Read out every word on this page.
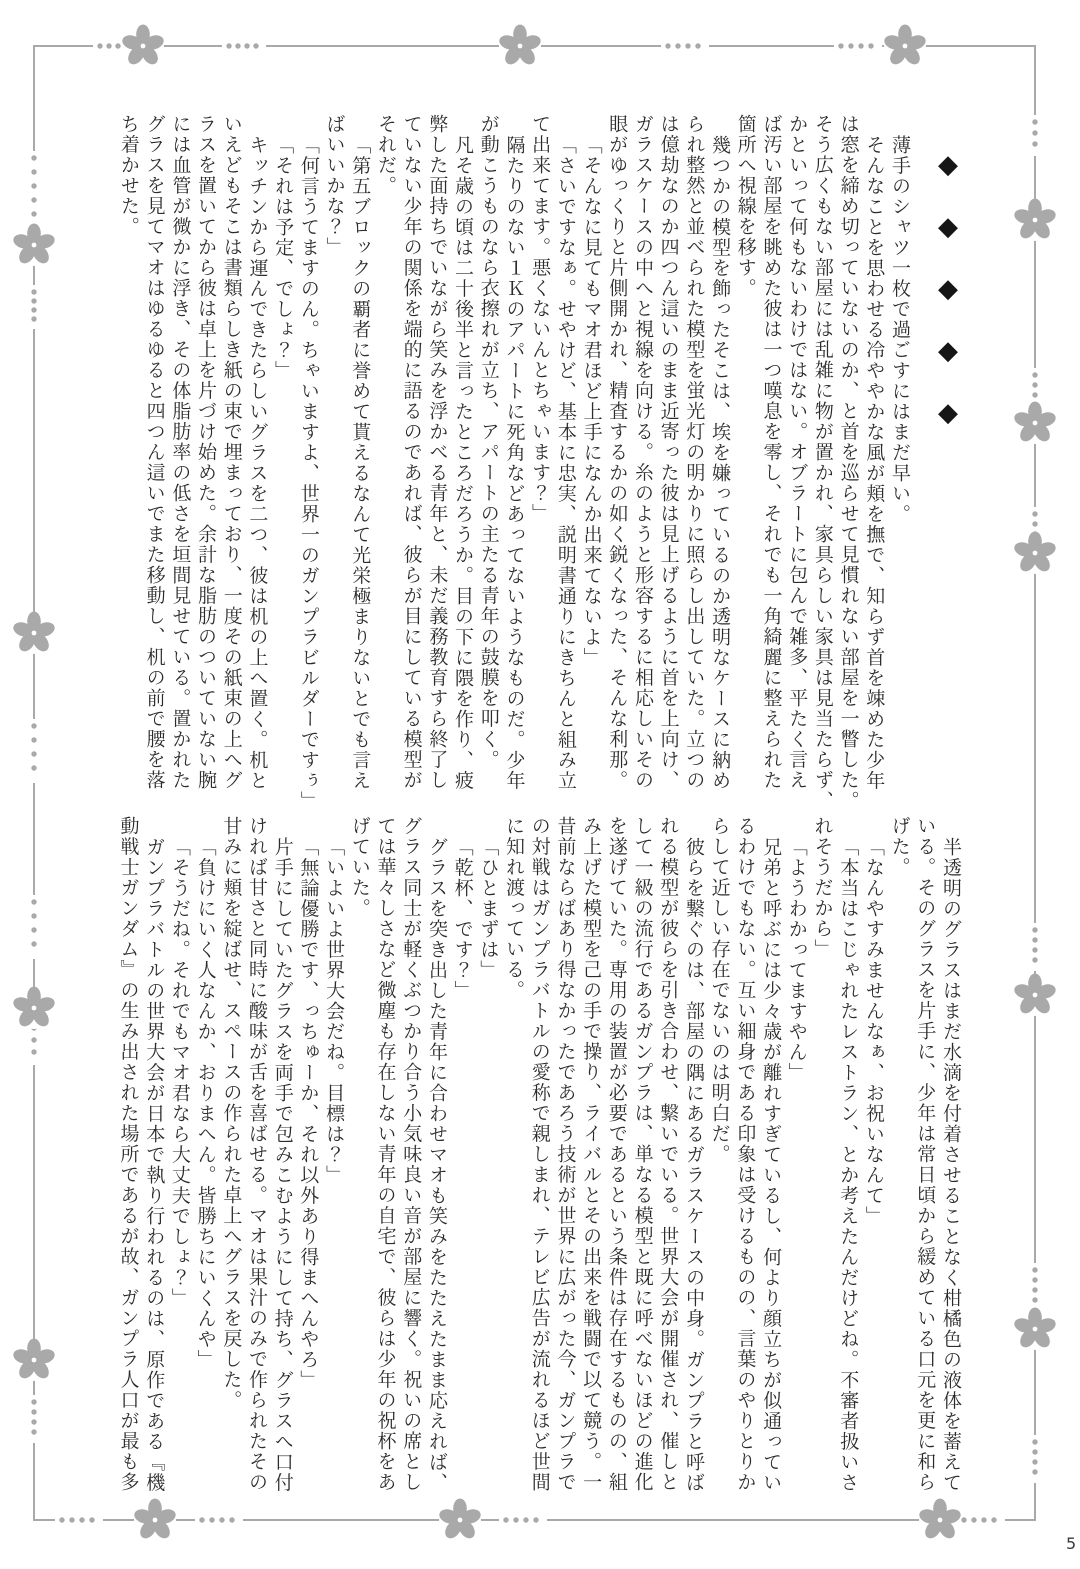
◆◆◆◆◆
薄手のシャツ一枚で過ごすにはまだ早い。
そんなことを思わせる冷ややかな風が頬を撫で、知らず首を竦めた少年
は窓を締め切っていないのか、と首を巡らせて見慣れない部屋を一瞥した。
そう広くもない部屋には乱雑に物が置かれ、家具らしい家具は見当たらず、
かといって何もないわけではない。オブラートに包んで雑多、平たく言え
ば汚い部屋を眺めた彼は一つ嘆息を零し、それでも一角綺麗に整えられた
箇所へ視線を移す。
幾つかの模型を飾ったそこは、埃を嫌っているのか透明なケースに納め
られ整然と並べられた模型を蛍光灯の明かりに照らし出していた。立つの
は億劫なのか四つん這いのまま近寄った彼は見上げるように首を上向け、
ガラスケースの中へと視線を向ける。糸のようと形容するに相応しいその
眼がゆっくりと片側開かれ、精査するかの如く鋭くなった、そんな利那。
「そんなに見てもマオ君ほど上手になんか出来てないよ」
「さいですなぁ。せやけど、基本に忠実、説明書通りにきちんと組み立
て出来てます。悪くないんとちゃいます？」
隔たりのない１Ｋのアパートに死角などあってないようなものだ。少年
が動こうものなら衣擦れが立ち、アパートの主たる青年の鼓膜を叩く。
凡そ歳の頃は二十後半と言ったところだろうか。目の下に隈を作り、疲
弊した面持ちでいながら笑みを浮かべる青年と、未だ義務教育すら終了し
ていない少年の関係を端的に語るのであれば、彼らが目にしている模型が
それだ。
「第五ブロックの覇者に誉めて貰えるなんて光栄極まりないとでも言え
ばいいかな？」
「何言うてますのん。ちゃいますよ、世界一のガンプラビルダーですぅ」
「それは予定、でしょ？」
キッチンから運んできたらしいグラスを二つ、彼は机の上へ置く。机と
いえどもそこは書類らしき紙の束で埋まっており、一度その紙束の上へグ
ラスを置いてから彼は卓上を片づけ始めた。余計な脂肪のついていない腕
には血管が微かに浮き、その体脂肪率の低さを垣間見せている。置かれた
グラスを見てマオはゆるゆると四つん這いでまた移動し、机の前で腰を落
ち着かせた。
半透明のグラスはまだ水滴を付着させることなく柑橘色の液体を蓄えて
いる。そのグラスを片手に、少年は常日頃から緩めている口元を更に和ら
げた。
「なんやすみませんなぁ、お祝いなんて」
「本当はこじゃれたレストラン、とか考えたんだけどね。不審者扱いさ
れそうだから」
「ようわかってますやん」
兄弟と呼ぶには少々歳が離れすぎているし、何より顔立ちが似通ってい
るわけでもない。互い細身である印象は受けるものの、言葉のやりとりか
らして近しい存在でないのは明白だ。
彼らを繋ぐのは、部屋の隅にあるガラスケースの中身。ガンプラと呼ば
れる模型が彼らを引き合わせ、繋いでいる。世界大会が開催され、催しと
して一級の流行であるガンプラは、単なる模型と既に呼べないほどの進化
を遂げていた。専用の装置が必要であるという条件は存在するものの、組
み上げた模型を己の手で操り、ライバルとその出来を戦闘で以て競う。一
昔前ならばあり得なかったであろう技術が世界に広がった今、ガンプラで
の対戦はガンプラバトルの愛称で親しまれ、テレビ広告が流れるほど世間
に知れ渡っている。
「ひとまずは」
「乾杯、です？」
グラスを突き出した青年に合わせマオも笑みをたたえたまま応えれば、
グラス同士が軽くぶつかり合う小気味良い音が部屋に響く。祝いの席とし
ては華々しさなど微塵も存在しない青年の自宅で、彼らは少年の祝杯をあ
げていた。
「いよいよ世界大会だね。目標は？」
「無論優勝です、っちゅーか、それ以外あり得まへんやろ」
片手にしていたグラスを両手で包みこむようにして持ち、グラスへ口付
ければ甘さと同時に酸味が舌を喜ばせる。マオは果汁のみで作られたその
甘みに頬を綻ばせ、スペースの作られた卓上へグラスを戻した。
「負けにいく人なんか、おりまへん。皆勝ちにいくんや」
「そうだね。それでもマオ君なら大丈夫でしょ？」
ガンプラバトルの世界大会が日本で執り行われるのは、原作である『機
動戦士ガンダム』の生み出された場所であるが故、ガンプラ人口が最も多
5
